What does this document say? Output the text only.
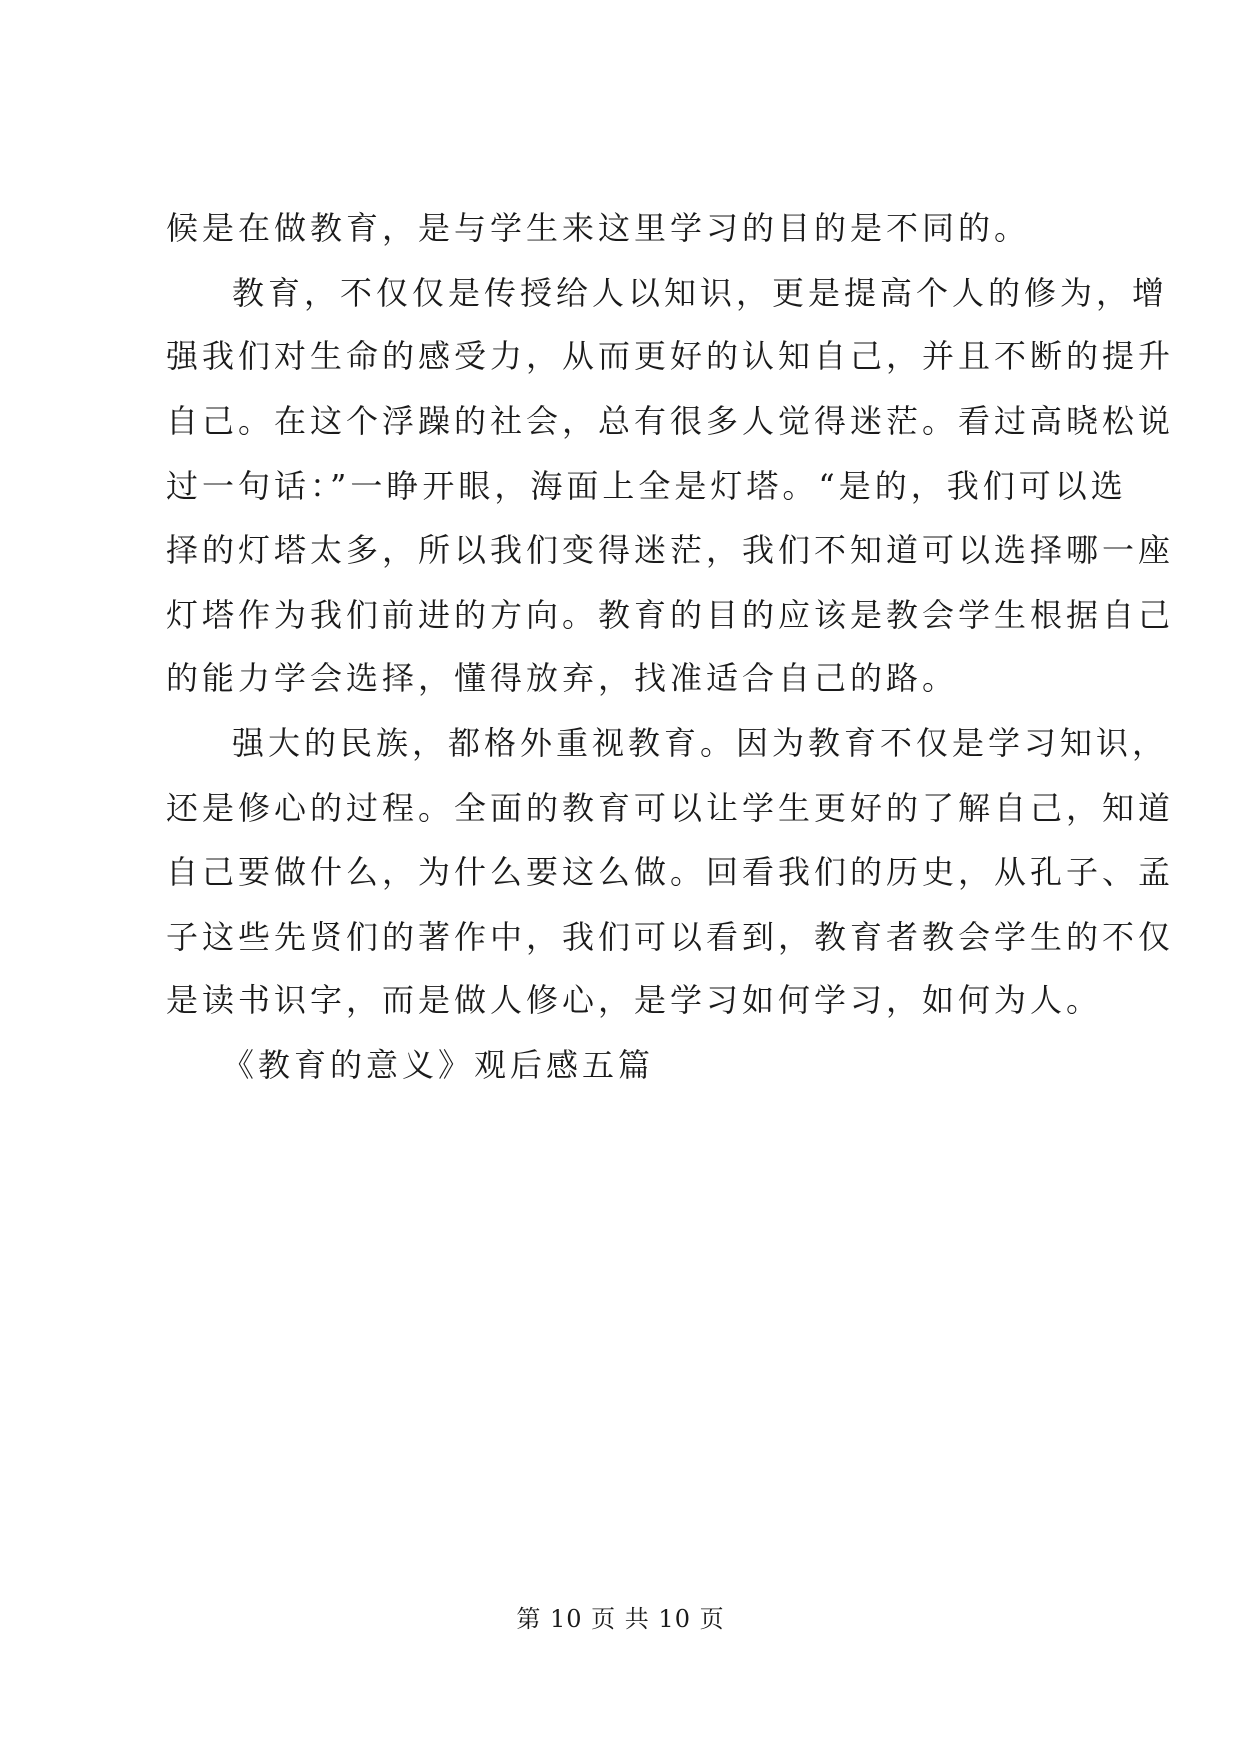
候是在做教育，是与学生来这里学习的目的是不同的。
教育，不仅仅是传授给人以知识，更是提高个人的修为，增
强我们对生命的感受力，从而更好的认知自己，并且不断的提升
自己。在这个浮躁的社会，总有很多人觉得迷茫。看过高晓松说
过一句话：”一睁开眼，海面上全是灯塔。“是的，我们可以选
择的灯塔太多，所以我们变得迷茫，我们不知道可以选择哪一座
灯塔作为我们前进的方向。教育的目的应该是教会学生根据自己
的能力学会选择，懂得放弃，找准适合自己的路。
强大的民族，都格外重视教育。因为教育不仅是学习知识，
还是修心的过程。全面的教育可以让学生更好的了解自己，知道
自己要做什么，为什么要这么做。回看我们的历史，从孔子、孟
子这些先贤们的著作中，我们可以看到，教育者教会学生的不仅
是读书识字，而是做人修心，是学习如何学习，如何为人。
《教育的意义》观后感五篇
第 10 页 共 10 页
